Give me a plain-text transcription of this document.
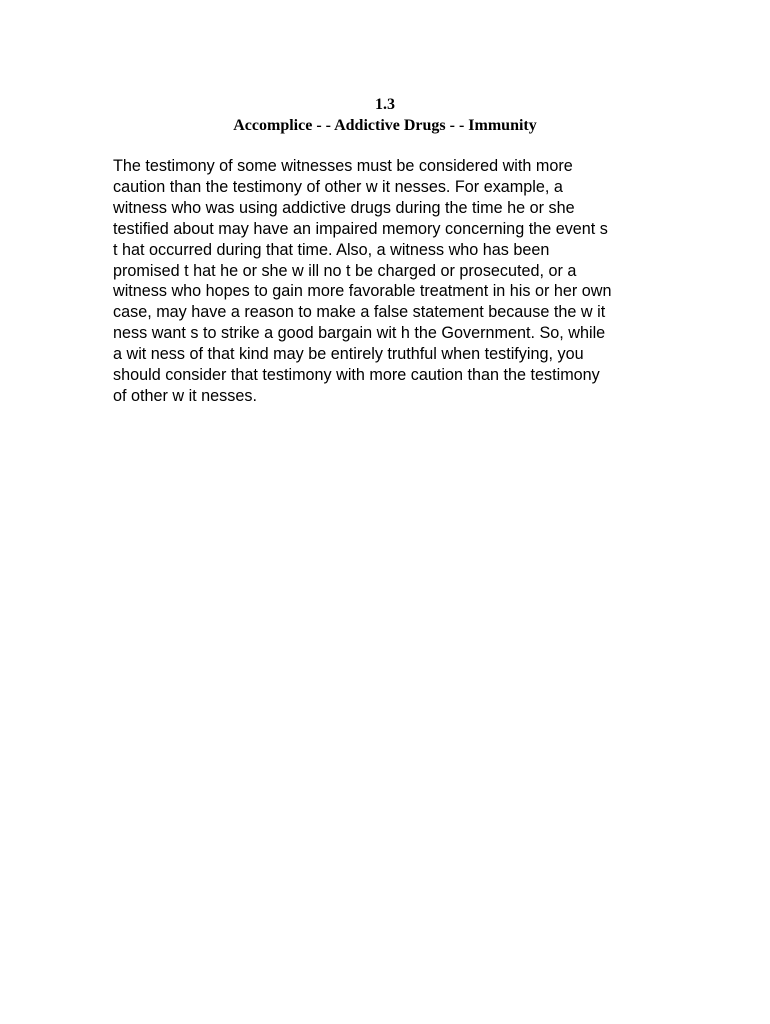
1.3
Accomplice - - Addictive Drugs - - Immunity
The testimony of some witnesses must be considered with more
caution than the testimony of other w it nesses. For example, a
witness who was using addictive drugs during the time he or she
testified about may have an impaired memory concerning the event s
t hat occurred during that time. Also, a witness who has been
promised t hat he or she w ill no t be charged or prosecuted, or a
witness who hopes to gain more favorable treatment in his or her own
case, may have a reason to make a false statement because the w it
ness want s to strike a good bargain wit h the Government. So, while
a wit ness of that kind may be entirely truthful when testifying, you
should consider that testimony with more caution than the testimony
of other w it nesses.
